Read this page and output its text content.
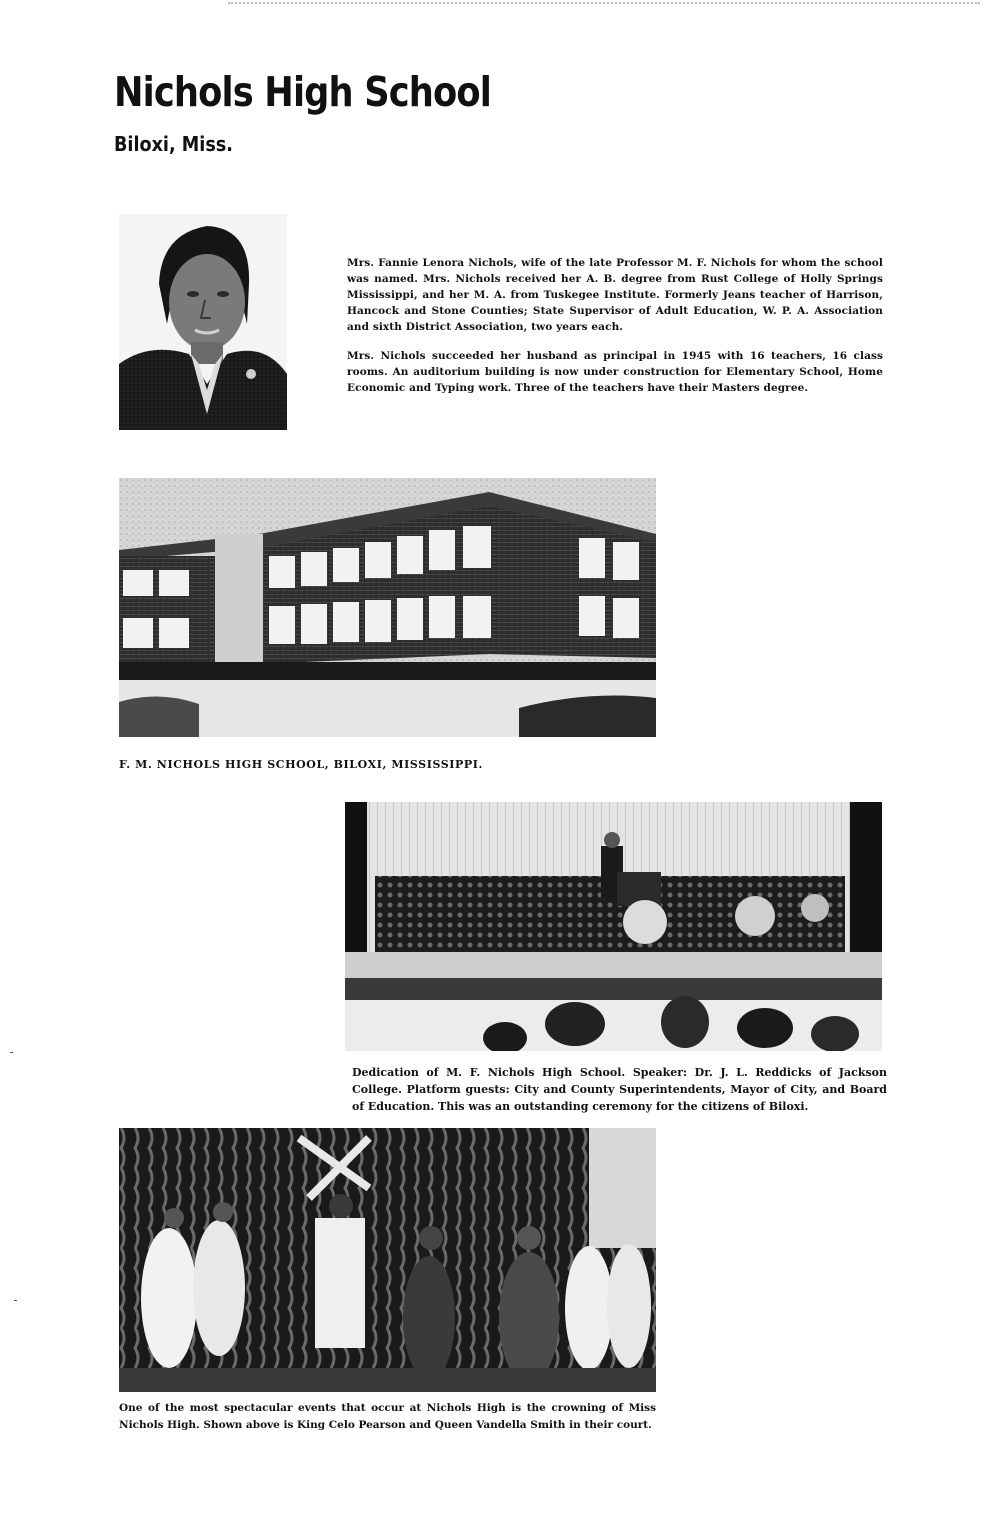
Nichols High School
Biloxi, Miss.

Mrs. Fannie Lenora Nichols, wife of the late Professor M. F. Nichols for whom the school was named. Mrs. Nichols received her A. B. degree from Rust College of Holly Springs Mississippi, and her M. A. from Tuskegee Institute. Formerly Jeans teacher of Harrison, Hancock and Stone Counties; State Supervisor of Adult Education, W. P. A. Association and sixth District Association, two years each.

Mrs. Nichols succeeded her husband as principal in 1945 with 16 teachers, 16 class rooms. An auditorium building is now under construction for Elementary School, Home Economic and Typing work. Three of the teachers have their Masters degree.

F. M. NICHOLS HIGH SCHOOL, BILOXI, MISSISSIPPI.

Dedication of M. F. Nichols High School. Speaker: Dr. J. L. Reddicks of Jackson College. Platform guests: City and County Superintendents, Mayor of City, and Board of Education. This was an outstanding ceremony for the citizens of Biloxi.

One of the most spectacular events that occur at Nichols High is the crowning of Miss Nichols High. Shown above is King Celo Pearson and Queen Vandella Smith in their court.
